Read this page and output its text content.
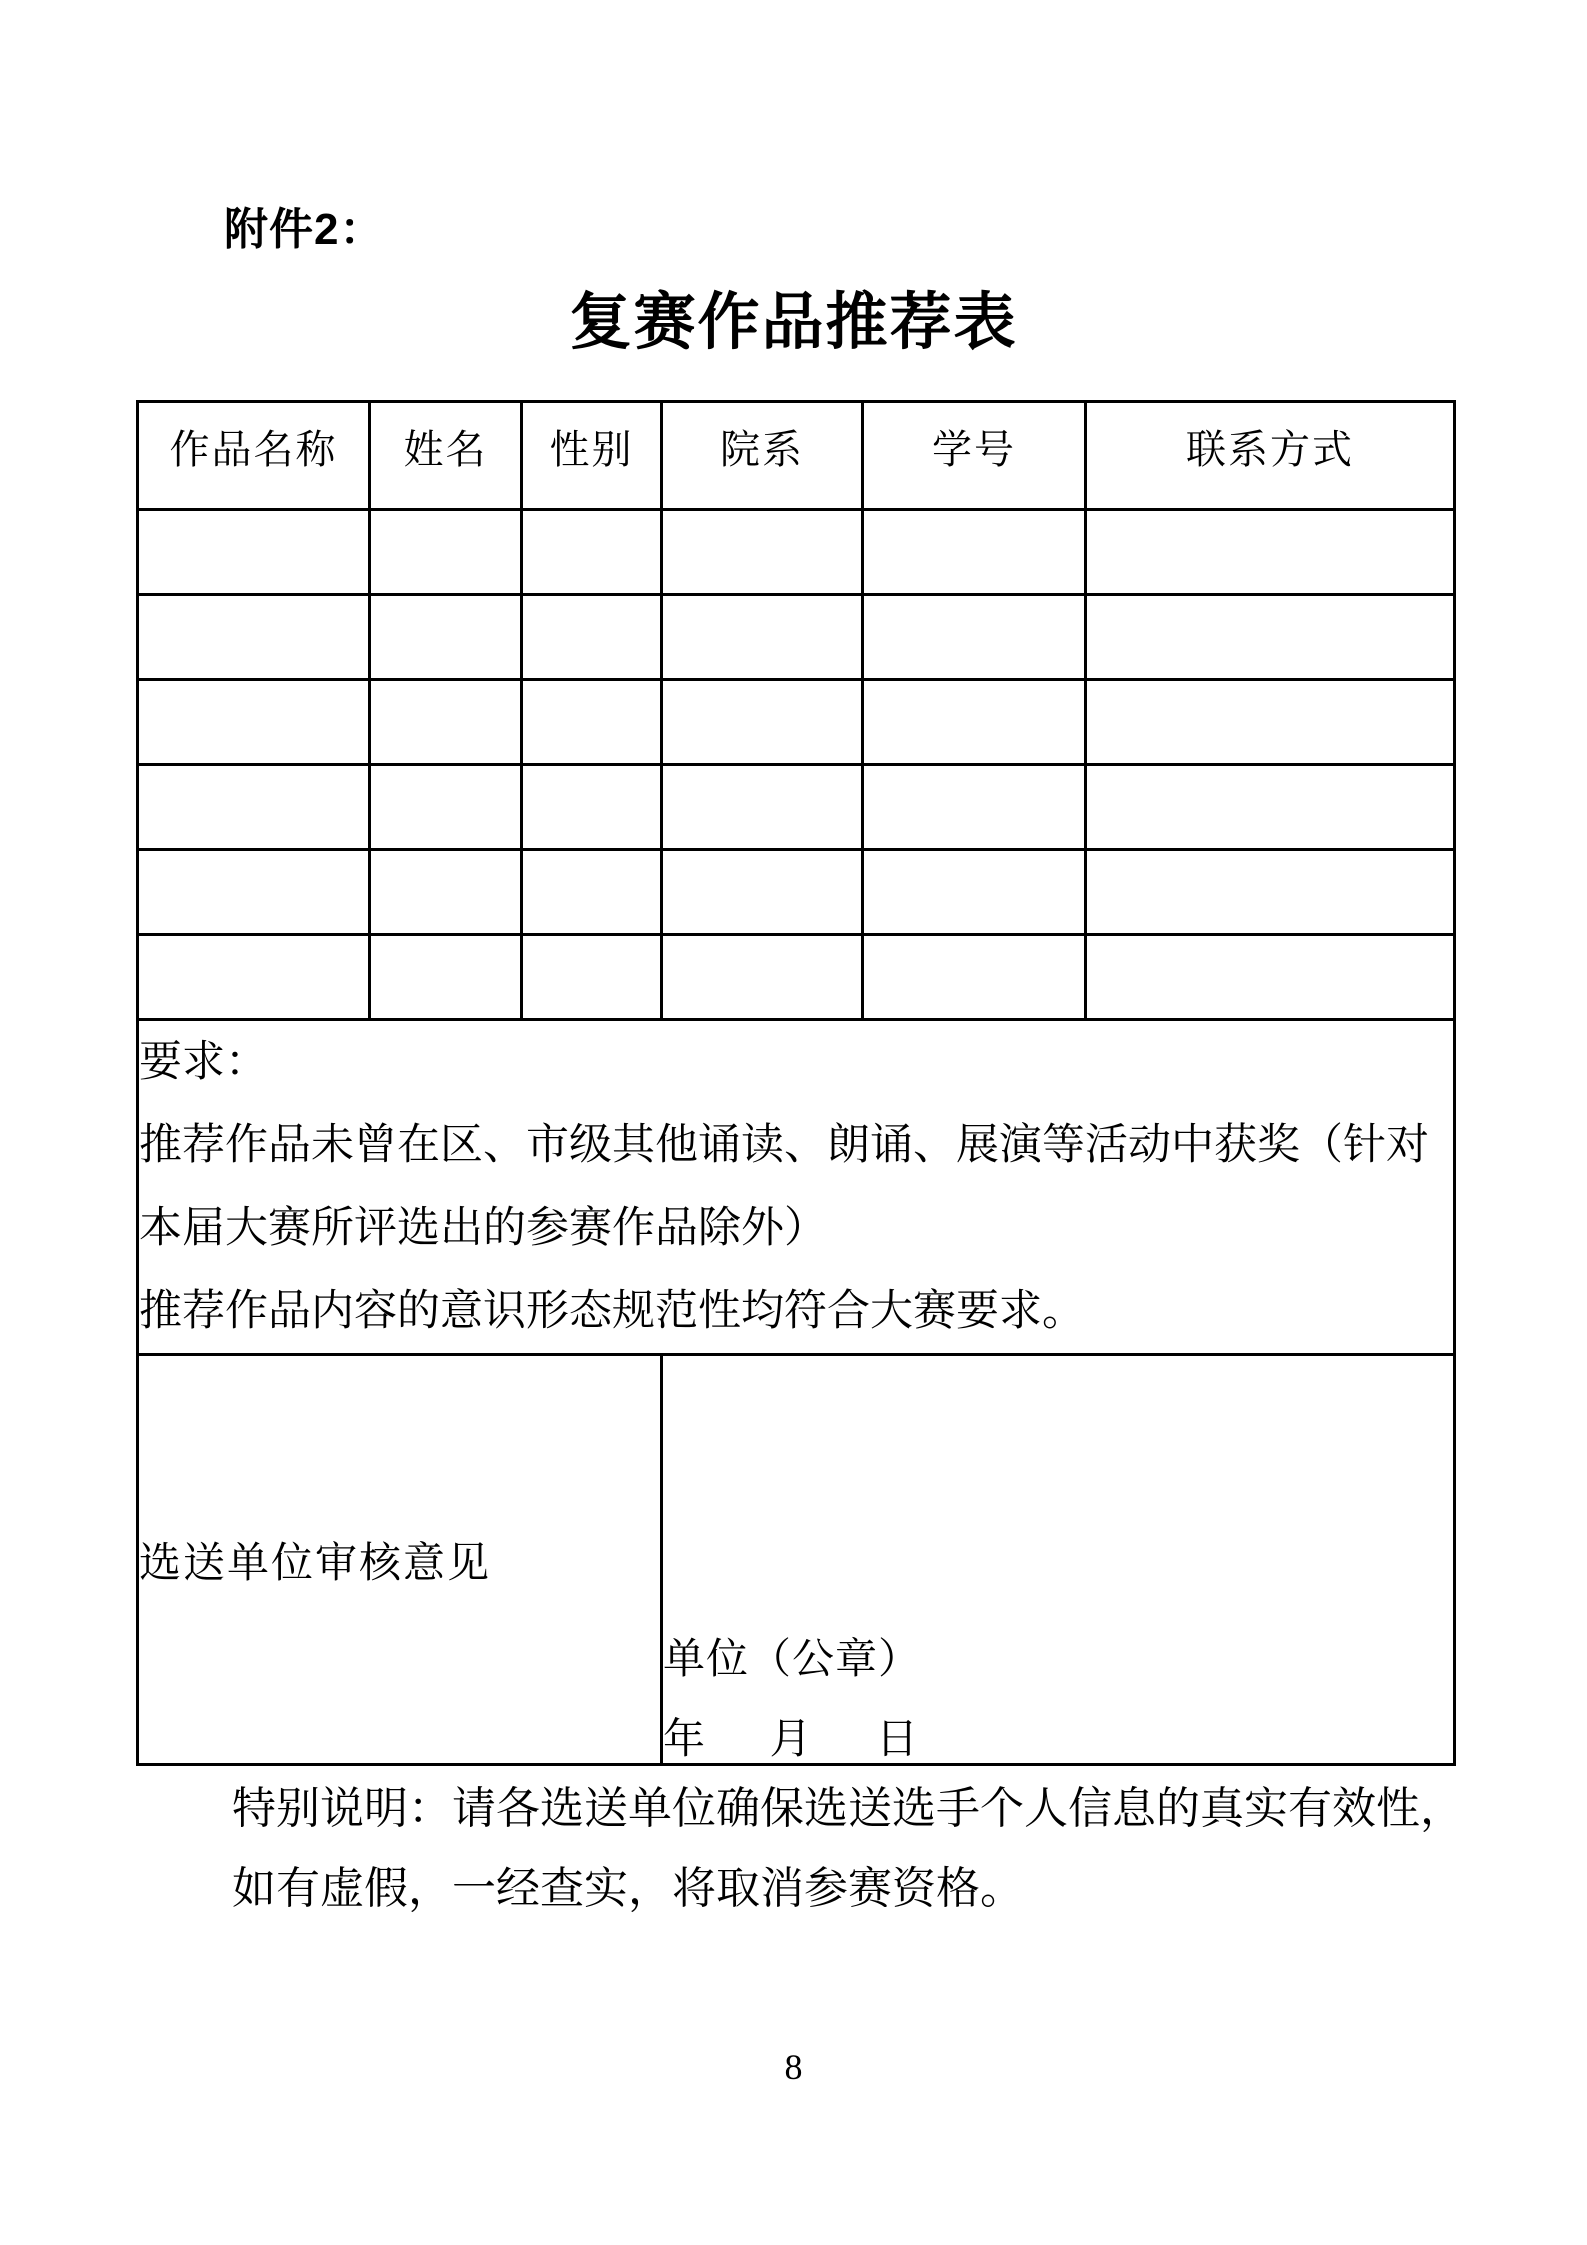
附件2：
复赛作品推荐表
作品名称	姓名	性别	院系	学号	联系方式

要求：
推荐作品未曾在区、市级其他诵读、朗诵、展演等活动中获奖（针对
本届大赛所评选出的参赛作品除外）
推荐作品内容的意识形态规范性均符合大赛要求。					

选送单位审核意见			单位（公章）
年　 月　 日		
特别说明：请各选送单位确保选送选手个人信息的真实有效性，
如有虚假，一经查实，将取消参赛资格。
8
